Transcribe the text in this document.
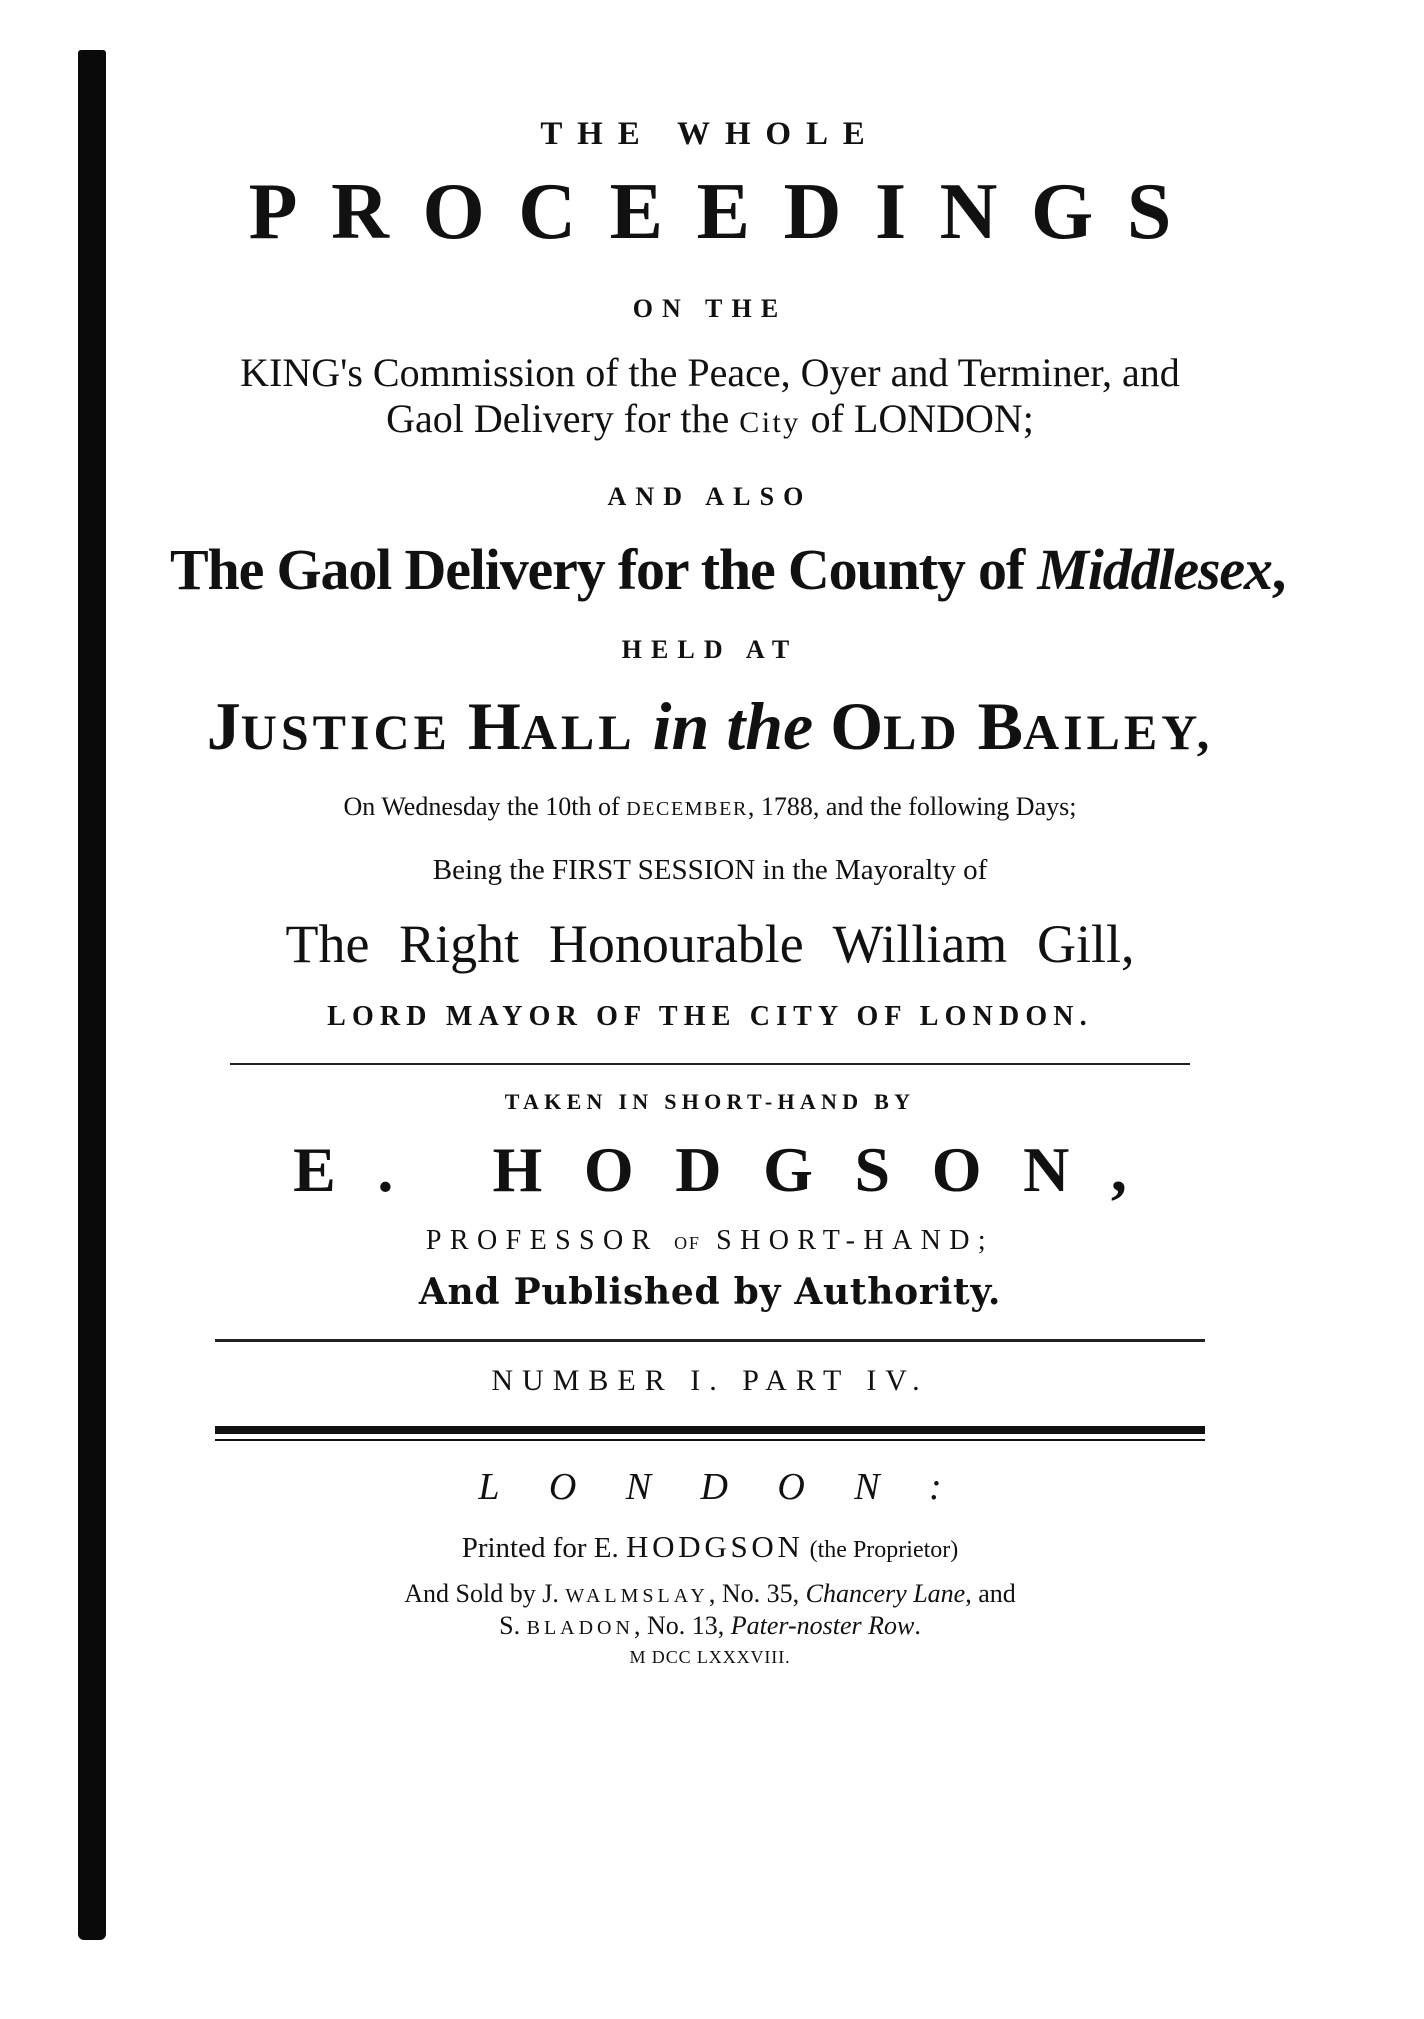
THE WHOLE
PROCEEDINGS
ON THE
KING's Commission of the Peace, Oyer and Terminer, and
Gaol Delivery for the City of LONDON;
AND ALSO
The Gaol Delivery for the County of Middlesex,
HELD AT
JUSTICE HALL in the OLD BAILEY,
On Wednesday the 10th of DECEMBER, 1788, and the following Days;
Being the FIRST SESSION in the Mayoralty of
The Right Honourable William Gill,
LORD MAYOR OF THE CITY OF LONDON.
TAKEN IN SHORT-HAND BY
E. HODGSON,
PROFESSOR OF SHORT-HAND;
And Published by Authority.
NUMBER I. PART IV.
LONDON:
Printed for E. HODGSON (the Proprietor)
And Sold by J. WALMSLAY, No. 35, Chancery Lane, and
S. BLADON, No. 13, Pater-noster Row.
M DCC LXXXVIII.
